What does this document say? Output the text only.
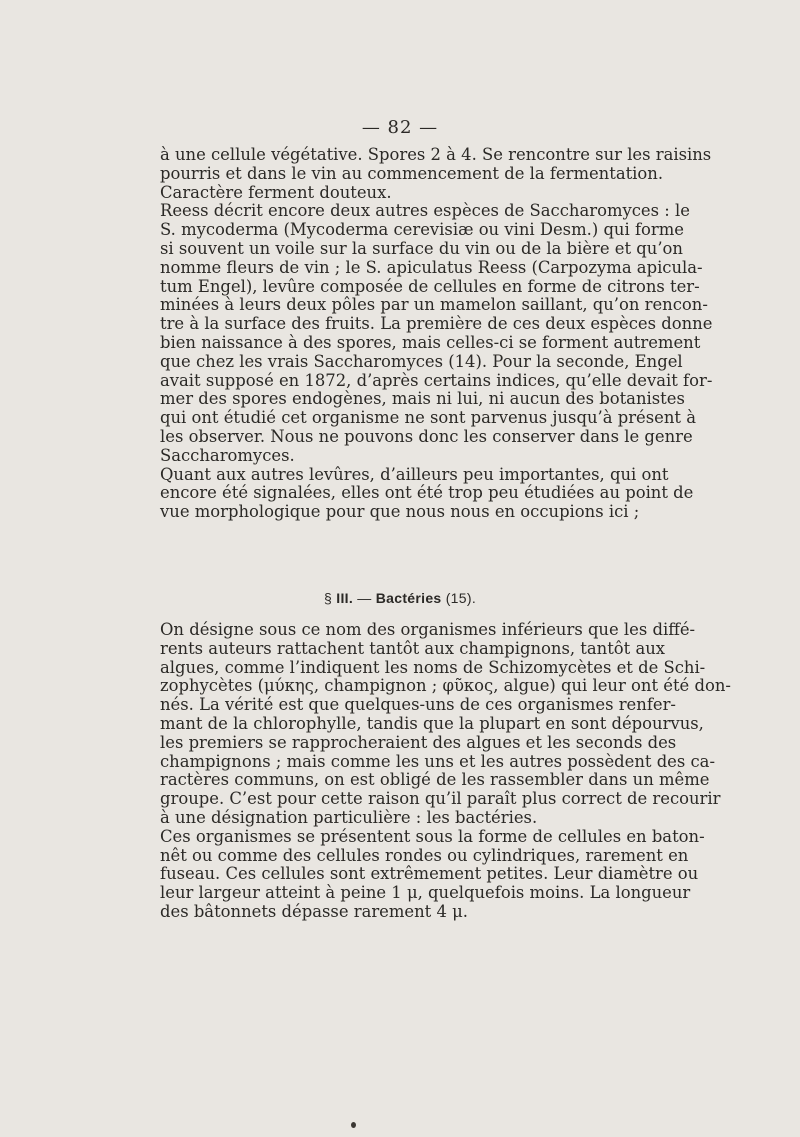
— 82 —
à une cellule végétative. Spores 2 à 4. Se rencontre sur les raisins
pourris et dans le vin au commencement de la fermentation.
Caractère ferment douteux.
Reess décrit encore deux autres espèces de Saccharomyces : le
S. mycoderma (Mycoderma cerevisiæ ou vini Desm.) qui forme
si souvent un voile sur la surface du vin ou de la bière et qu’on
nomme fleurs de vin ; le S. apiculatus Reess (Carpozyma apicula-
tum Engel), levûre composée de cellules en forme de citrons ter-
minées à leurs deux pôles par un mamelon saillant, qu’on rencon-
tre à la surface des fruits. La première de ces deux espèces donne
bien naissance à des spores, mais celles-ci se forment autrement
que chez les vrais Saccharomyces (14). Pour la seconde, Engel
avait supposé en 1872, d’après certains indices, qu’elle devait for-
mer des spores endogènes, mais ni lui, ni aucun des botanistes
qui ont étudié cet organisme ne sont parvenus jusqu’à présent à
les observer. Nous ne pouvons donc les conserver dans le genre
Saccharomyces.
Quant aux autres levûres, d’ailleurs peu importantes, qui ont
encore été signalées, elles ont été trop peu étudiées au point de
vue morphologique pour que nous nous en occupions ici ;
§ III. — Bactéries (15).
On désigne sous ce nom des organismes inférieurs que les diffé-
rents auteurs rattachent tantôt aux champignons, tantôt aux
algues, comme l’indiquent les noms de Schizomycètes et de Schi-
zophycètes (μύκης, champignon ; φῦκος, algue) qui leur ont été don-
nés. La vérité est que quelques-uns de ces organismes renfer-
mant de la chlorophylle, tandis que la plupart en sont dépourvus,
les premiers se rapprocheraient des algues et les seconds des
champignons ; mais comme les uns et les autres possèdent des ca-
ractères communs, on est obligé de les rassembler dans un même
groupe. C’est pour cette raison qu’il paraît plus correct de recourir
à une désignation particulière : les bactéries.
Ces organismes se présentent sous la forme de cellules en baton-
nêt ou comme des cellules rondes ou cylindriques, rarement en
fuseau. Ces cellules sont extrêmement petites. Leur diamètre ou
leur largeur atteint à peine 1 μ, quelquefois moins. La longueur
des bâtonnets dépasse rarement 4 μ.
